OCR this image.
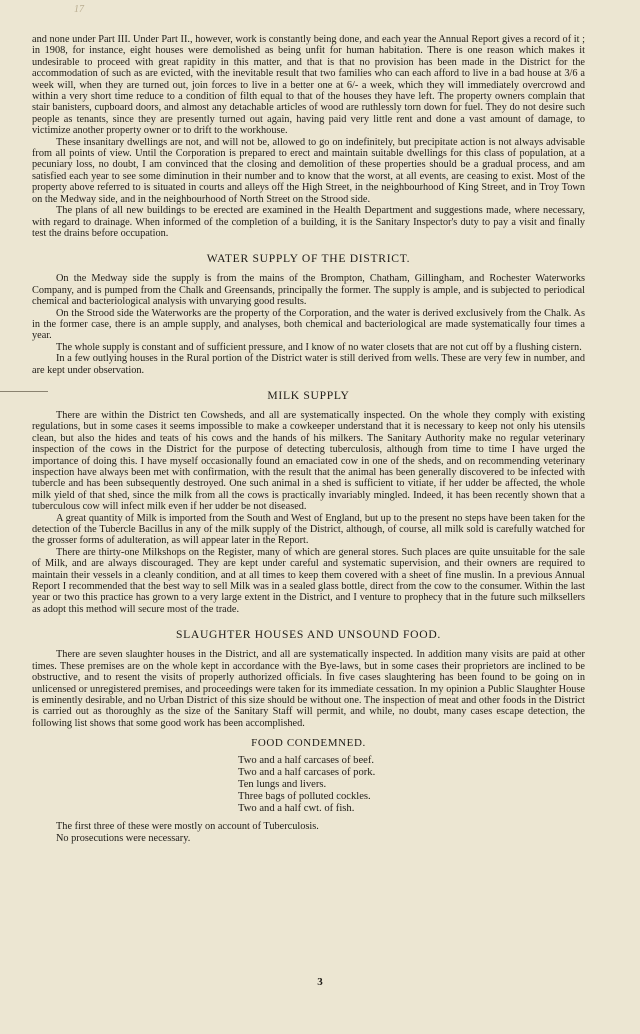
17

and none under Part III. Under Part II., however, work is constantly being done, and each year the Annual Report gives a record of it ; in 1908, for instance, eight houses were demolished as being unfit for human habitation. There is one reason which makes it undesirable to proceed with great rapidity in this matter, and that is that no provision has been made in the District for the accommodation of such as are evicted, with the inevitable result that two families who can each afford to live in a bad house at 3/6 a week will, when they are turned out, join forces to live in a better one at 6/- a week, which they will immediately overcrowd and within a very short time reduce to a condition of filth equal to that of the houses they have left. The property owners complain that stair banisters, cupboard doors, and almost any detachable articles of wood are ruthlessly torn down for fuel. They do not desire such people as tenants, since they are presently turned out again, having paid very little rent and done a vast amount of damage, to victimize another property owner or to drift to the workhouse.

These insanitary dwellings are not, and will not be, allowed to go on indefinitely, but precipitate action is not always advisable from all points of view. Until the Corporation is prepared to erect and maintain suitable dwellings for this class of population, at a pecuniary loss, no doubt, I am convinced that the closing and demolition of these properties should be a gradual process, and am satisfied each year to see some diminution in their number and to know that the worst, at all events, are ceasing to exist. Most of the property above referred to is situated in courts and alleys off the High Street, in the neighbourhood of King Street, and in Troy Town on the Medway side, and in the neighbourhood of North Street on the Strood side.

The plans of all new buildings to be erected are examined in the Health Department and suggestions made, where necessary, with regard to drainage. When informed of the completion of a building, it is the Sanitary Inspector's duty to pay a visit and finally test the drains before occupation.

WATER SUPPLY OF THE DISTRICT.

On the Medway side the supply is from the mains of the Brompton, Chatham, Gillingham, and Rochester Waterworks Company, and is pumped from the Chalk and Greensands, principally the former. The supply is ample, and is subjected to periodical chemical and bacteriological analysis with unvarying good results.

On the Strood side the Waterworks are the property of the Corporation, and the water is derived exclusively from the Chalk. As in the former case, there is an ample supply, and analyses, both chemical and bacteriological are made systematically four times a year.

The whole supply is constant and of sufficient pressure, and I know of no water closets that are not cut off by a flushing cistern.

In a few outlying houses in the Rural portion of the District water is still derived from wells. These are very few in number, and are kept under observation.

MILK SUPPLY

There are within the District ten Cowsheds, and all are systematically inspected. On the whole they comply with existing regulations, but in some cases it seems impossible to make a cowkeeper understand that it is necessary to keep not only his utensils clean, but also the hides and teats of his cows and the hands of his milkers. The Sanitary Authority make no regular veterinary inspection of the cows in the District for the purpose of detecting tuberculosis, although from time to time I have urged the importance of doing this. I have myself occasionally found an emaciated cow in one of the sheds, and on recommending veterinary inspection have always been met with confirmation, with the result that the animal has been generally discovered to be infected with tubercle and has been subsequently destroyed. One such animal in a shed is sufficient to vitiate, if her udder be affected, the whole milk yield of that shed, since the milk from all the cows is practically invariably mingled. Indeed, it has been recently shown that a tuberculous cow will infect milk even if her udder be not diseased.

A great quantity of Milk is imported from the South and West of England, but up to the present no steps have been taken for the detection of the Tubercle Bacillus in any of the milk supply of the District, although, of course, all milk sold is carefully watched for the grosser forms of adulteration, as will appear later in the Report.

There are thirty-one Milkshops on the Register, many of which are general stores. Such places are quite unsuitable for the sale of Milk, and are always discouraged. They are kept under careful and systematic supervision, and their owners are required to maintain their vessels in a cleanly condition, and at all times to keep them covered with a sheet of fine muslin. In a previous Annual Report I recommended that the best way to sell Milk was in a sealed glass bottle, direct from the cow to the consumer. Within the last year or two this practice has grown to a very large extent in the District, and I venture to prophecy that in the future such milksellers as adopt this method will secure most of the trade.

SLAUGHTER HOUSES AND UNSOUND FOOD.

There are seven slaughter houses in the District, and all are systematically inspected. In addition many visits are paid at other times. These premises are on the whole kept in accordance with the Bye-laws, but in some cases their proprietors are inclined to be obstructive, and to resent the visits of properly authorized officials. In five cases slaughtering has been found to be going on in unlicensed or unregistered premises, and proceedings were taken for its immediate cessation. In my opinion a Public Slaughter House is eminently desirable, and no Urban District of this size should be without one. The inspection of meat and other foods in the District is carried out as thoroughly as the size of the Sanitary Staff will permit, and while, no doubt, many cases escape detection, the following list shows that some good work has been accomplished.

FOOD CONDEMNED.
Two and a half carcases of beef.
Two and a half carcases of pork.
Ten lungs and livers.
Three bags of polluted cockles.
Two and a half cwt. of fish.

The first three of these were mostly on account of Tuberculosis.

No prosecutions were necessary.

3
